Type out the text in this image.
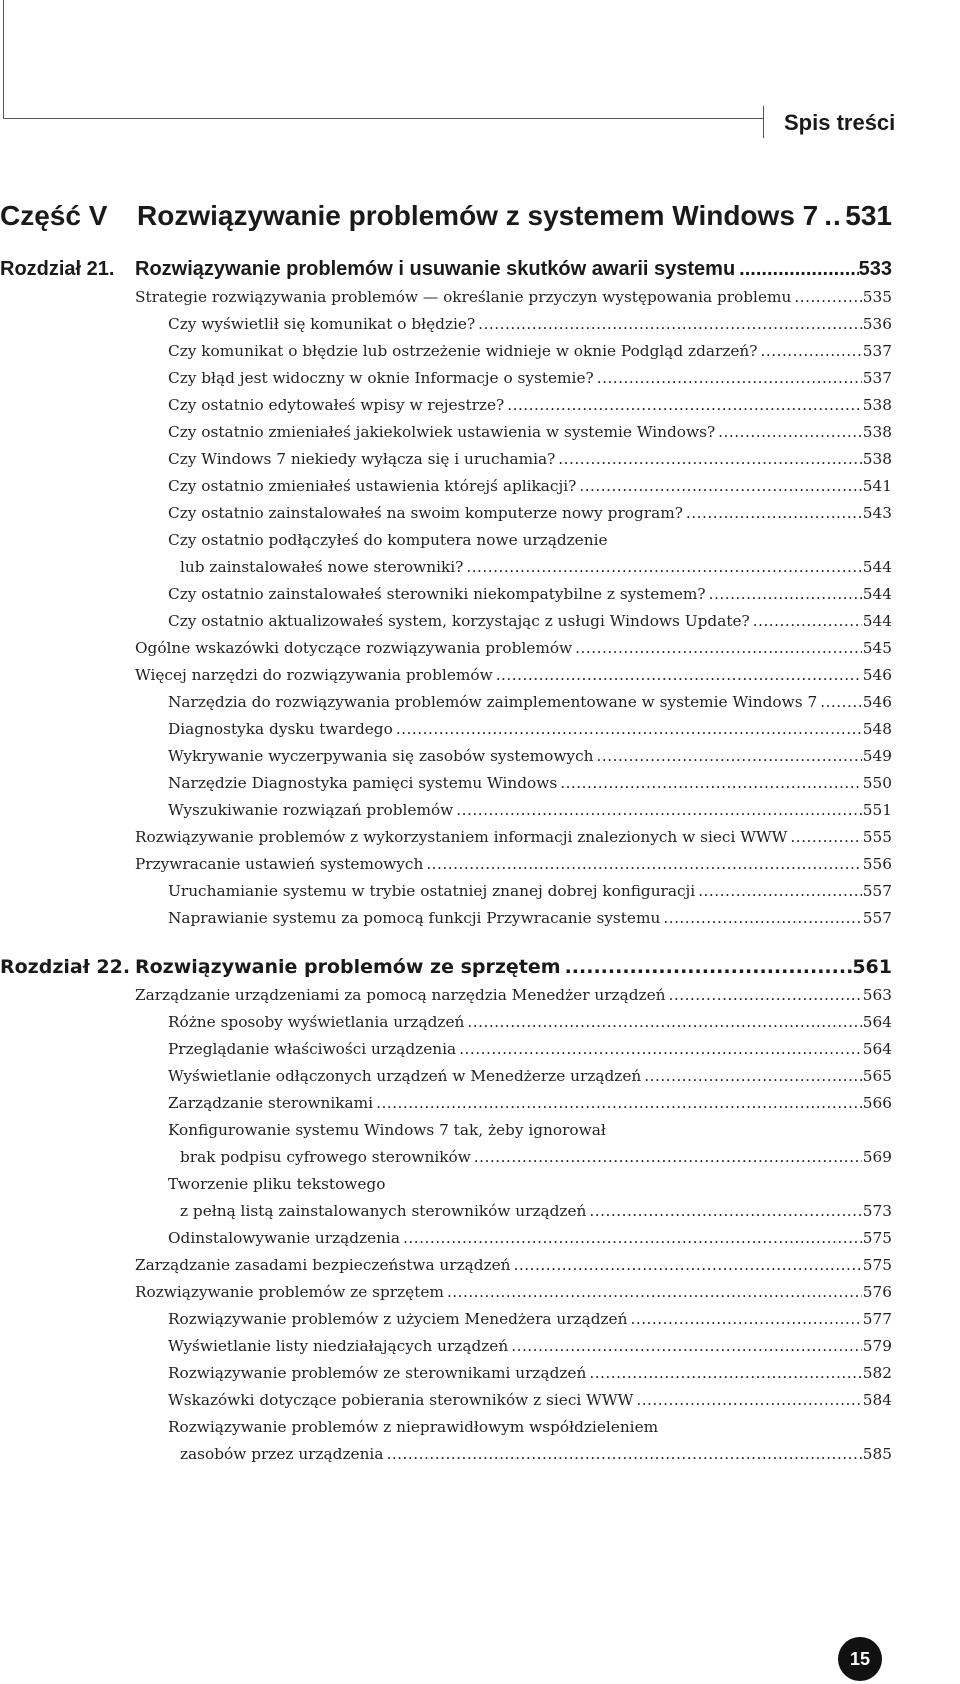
Spis treści
Część V	Rozwiązywanie problemów z systemem Windows 7 ..... 531
Rozdział 21.	Rozwiązywanie problemów i usuwanie skutków awarii systemu .....	533
Strategie rozwiązywania problemów — określanie przyczyn występowania problemu .....	535
Czy wyświetlił się komunikat o błędzie? .....	536
Czy komunikat o błędzie lub ostrzeżenie widnieje w oknie Podgląd zdarzeń? .....	537
Czy błąd jest widoczny w oknie Informacje o systemie? .....	537
Czy ostatnio edytowałeś wpisy w rejestrze? .....	538
Czy ostatnio zmieniałeś jakiekolwiek ustawienia w systemie Windows? .....	538
Czy Windows 7 niekiedy wyłącza się i uruchamia? .....	538
Czy ostatnio zmieniałeś ustawienia którejś aplikacji? .....	541
Czy ostatnio zainstalowałeś na swoim komputerze nowy program? .....	543
Czy ostatnio podłączyłeś do komputera nowe urządzenie
lub zainstalowałeś nowe sterowniki? .....	544
Czy ostatnio zainstalowałeś sterowniki niekompatybilne z systemem? .....	544
Czy ostatnio aktualizowałeś system, korzystając z usługi Windows Update? .....	544
Ogólne wskazówki dotyczące rozwiązywania problemów .....	545
Więcej narzędzi do rozwiązywania problemów .....	546
Narzędzia do rozwiązywania problemów zaimplementowane w systemie Windows 7 .....	546
Diagnostyka dysku twardego .....	548
Wykrywanie wyczerpywania się zasobów systemowych .....	549
Narzędzie Diagnostyka pamięci systemu Windows .....	550
Wyszukiwanie rozwiązań problemów .....	551
Rozwiązywanie problemów z wykorzystaniem informacji znalezionych w sieci WWW .....	555
Przywracanie ustawień systemowych .....	556
Uruchamianie systemu w trybie ostatniej znanej dobrej konfiguracji .....	557
Naprawianie systemu za pomocą funkcji Przywracanie systemu .....	557
Rozdział 22. Rozwiązywanie problemów ze sprzętem .....	561
Zarządzanie urządzeniami za pomocą narzędzia Menedżer urządzeń .....	563
Różne sposoby wyświetlania urządzeń .....	564
Przeglądanie właściwości urządzenia .....	564
Wyświetlanie odłączonych urządzeń w Menedżerze urządzeń .....	565
Zarządzanie sterownikami .....	566
Konfigurowanie systemu Windows 7 tak, żeby ignorował
brak podpisu cyfrowego sterowników .....	569
Tworzenie pliku tekstowego
z pełną listą zainstalowanych sterowników urządzeń .....	573
Odinstalowywanie urządzenia .....	575
Zarządzanie zasadami bezpieczeństwa urządzeń .....	575
Rozwiązywanie problemów ze sprzętem .....	576
Rozwiązywanie problemów z użyciem Menedżera urządzeń .....	577
Wyświetlanie listy niedziałających urządzeń .....	579
Rozwiązywanie problemów ze sterownikami urządzeń .....	582
Wskazówki dotyczące pobierania sterowników z sieci WWW .....	584
Rozwiązywanie problemów z nieprawidłowym współdzieleniem
zasobów przez urządzenia .....	585
15
